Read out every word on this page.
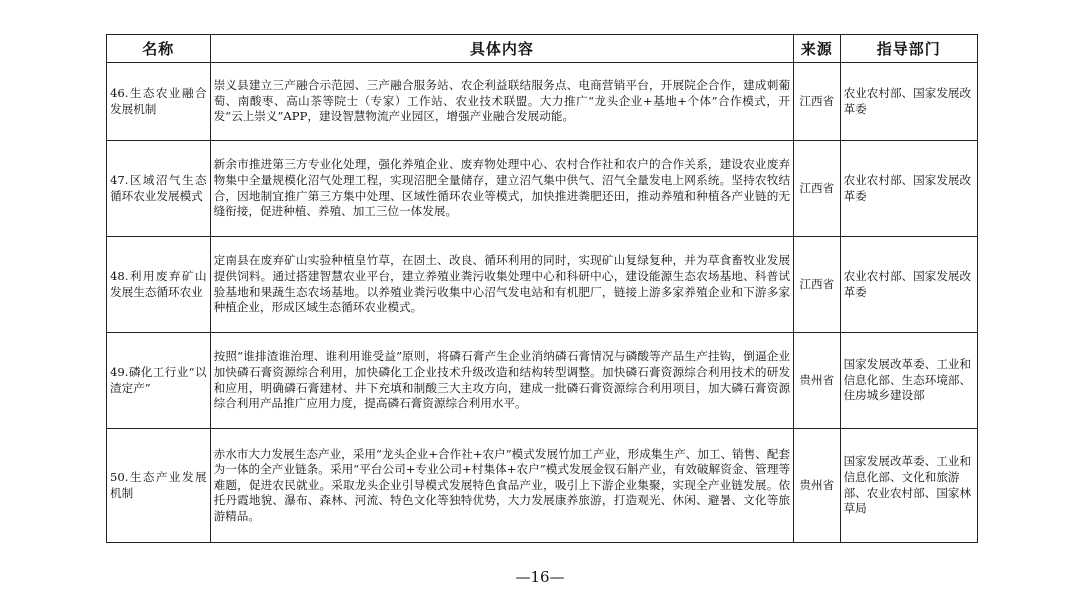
名称	具体内容	来源	指导部门
46.生态农业融合发展机制	崇义县建立三产融合示范园、三产融合服务站、农企利益联结服务点、电商营销平台，开展院企合作，建成刺葡萄、南酸枣、高山茶等院士（专家）工作站、农业技术联盟。大力推广“龙头企业+基地+个体”合作模式，开发“云上崇义”APP，建设智慧物流产业园区，增强产业融合发展动能。	江西省	农业农村部、国家发展改革委
47.区域沼气生态循环农业发展模式	新余市推进第三方专业化处理，强化养殖企业、废弃物处理中心、农村合作社和农户的合作关系，建设农业废弃物集中全量规模化沼气处理工程，实现沼肥全量储存，建立沼气集中供气、沼气全量发电上网系统。坚持农牧结合，因地制宜推广第三方集中处理、区域性循环农业等模式，加快推进粪肥还田，推动养殖和种植各产业链的无缝衔接，促进种植、养殖、加工三位一体发展。	江西省	农业农村部、国家发展改革委
48.利用废弃矿山发展生态循环农业	定南县在废弃矿山实验种植皇竹草，在固土、改良、循环利用的同时，实现矿山复绿复种，并为草食畜牧业发展提供饲料。通过搭建智慧农业平台，建立养殖业粪污收集处理中心和科研中心，建设能源生态农场基地、科普试验基地和果蔬生态农场基地。以养殖业粪污收集中心沼气发电站和有机肥厂，链接上游多家养殖企业和下游多家种植企业，形成区域生态循环农业模式。	江西省	农业农村部、国家发展改革委
49.磷化工行业“以渣定产”	按照“谁排渣谁治理、谁利用谁受益”原则，将磷石膏产生企业消纳磷石膏情况与磷酸等产品生产挂钩，倒逼企业加快磷石膏资源综合利用，加快磷化工企业技术升级改造和结构转型调整。加快磷石膏资源综合利用技术的研发和应用，明确磷石膏建材、井下充填和制酸三大主攻方向，建成一批磷石膏资源综合利用项目，加大磷石膏资源综合利用产品推广应用力度，提高磷石膏资源综合利用水平。	贵州省	国家发展改革委、工业和信息化部、生态环境部、住房城乡建设部
50.生态产业发展机制	赤水市大力发展生态产业，采用“龙头企业+合作社+农户”模式发展竹加工产业，形成集生产、加工、销售、配套为一体的全产业链条。采用“平台公司+专业公司+村集体+农户”模式发展金钗石斛产业，有效破解资金、管理等难题，促进农民就业。采取龙头企业引导模式发展特色食品产业，吸引上下游企业集聚，实现全产业链发展。依托丹霞地貌、瀑布、森林、河流、特色文化等独特优势，大力发展康养旅游，打造观光、休闲、避暑、文化等旅游精品。	贵州省	国家发展改革委、工业和信息化部、文化和旅游部、农业农村部、国家林草局
—16—
